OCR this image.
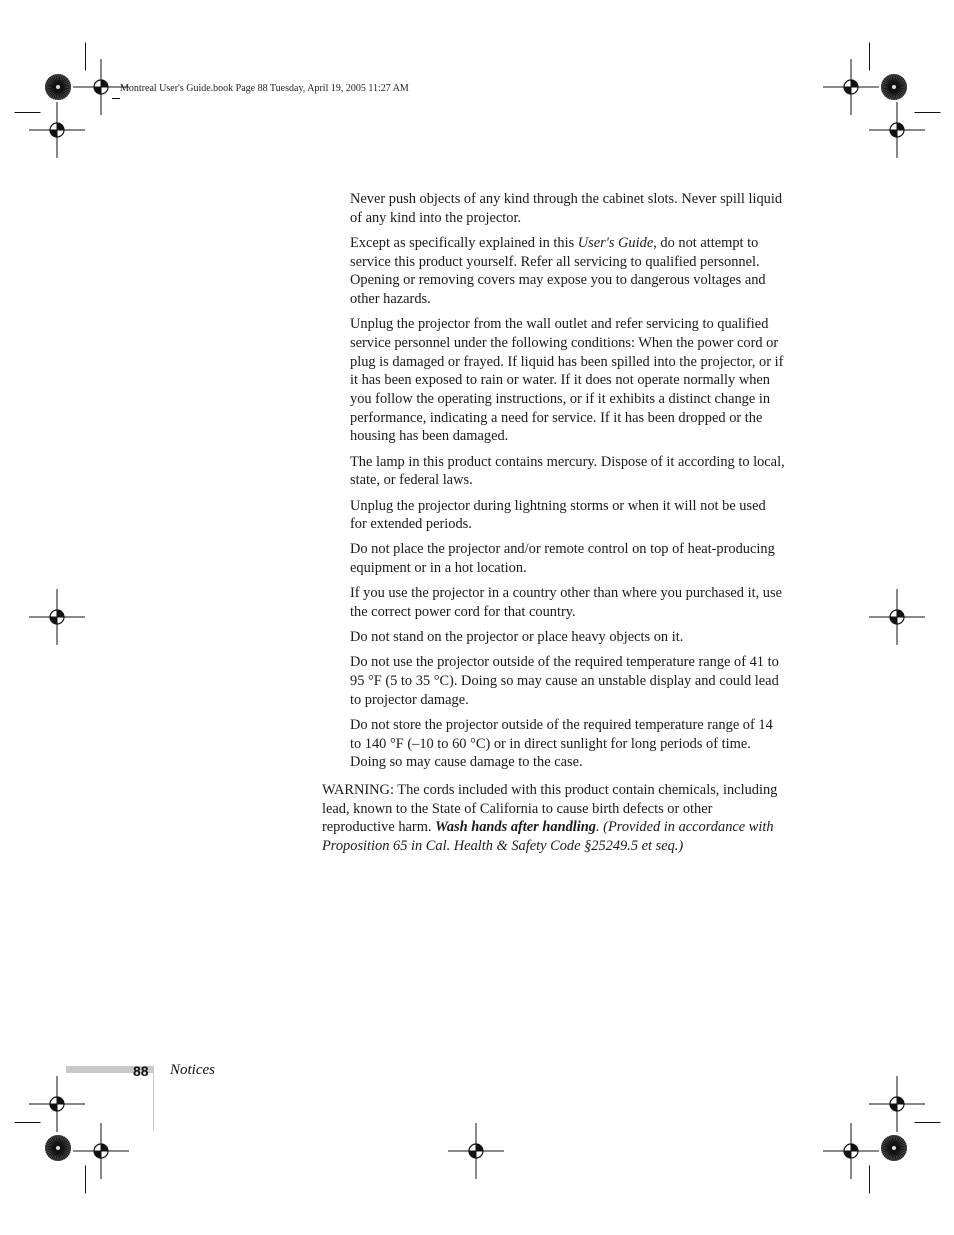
Montreal User's Guide.book Page 88 Tuesday, April 19, 2005 11:27 AM

Never push objects of any kind through the cabinet slots. Never spill liquid of any kind into the projector.

Except as specifically explained in this User's Guide, do not attempt to service this product yourself. Refer all servicing to qualified personnel. Opening or removing covers may expose you to dangerous voltages and other hazards.

Unplug the projector from the wall outlet and refer servicing to qualified service personnel under the following conditions: When the power cord or plug is damaged or frayed. If liquid has been spilled into the projector, or if it has been exposed to rain or water. If it does not operate normally when you follow the operating instructions, or if it exhibits a distinct change in performance, indicating a need for service. If it has been dropped or the housing has been damaged.

The lamp in this product contains mercury. Dispose of it according to local, state, or federal laws.

Unplug the projector during lightning storms or when it will not be used for extended periods.

Do not place the projector and/or remote control on top of heat-producing equipment or in a hot location.

If you use the projector in a country other than where you purchased it, use the correct power cord for that country.

Do not stand on the projector or place heavy objects on it.

Do not use the projector outside of the required temperature range of 41 to 95 °F (5 to 35 °C). Doing so may cause an unstable display and could lead to projector damage.

Do not store the projector outside of the required temperature range of 14 to 140 °F (–10 to 60 °C) or in direct sunlight for long periods of time. Doing so may cause damage to the case.

WARNING: The cords included with this product contain chemicals, including lead, known to the State of California to cause birth defects or other reproductive harm. Wash hands after handling. (Provided in accordance with Proposition 65 in Cal. Health & Safety Code §25249.5 et seq.)

88 Notices
